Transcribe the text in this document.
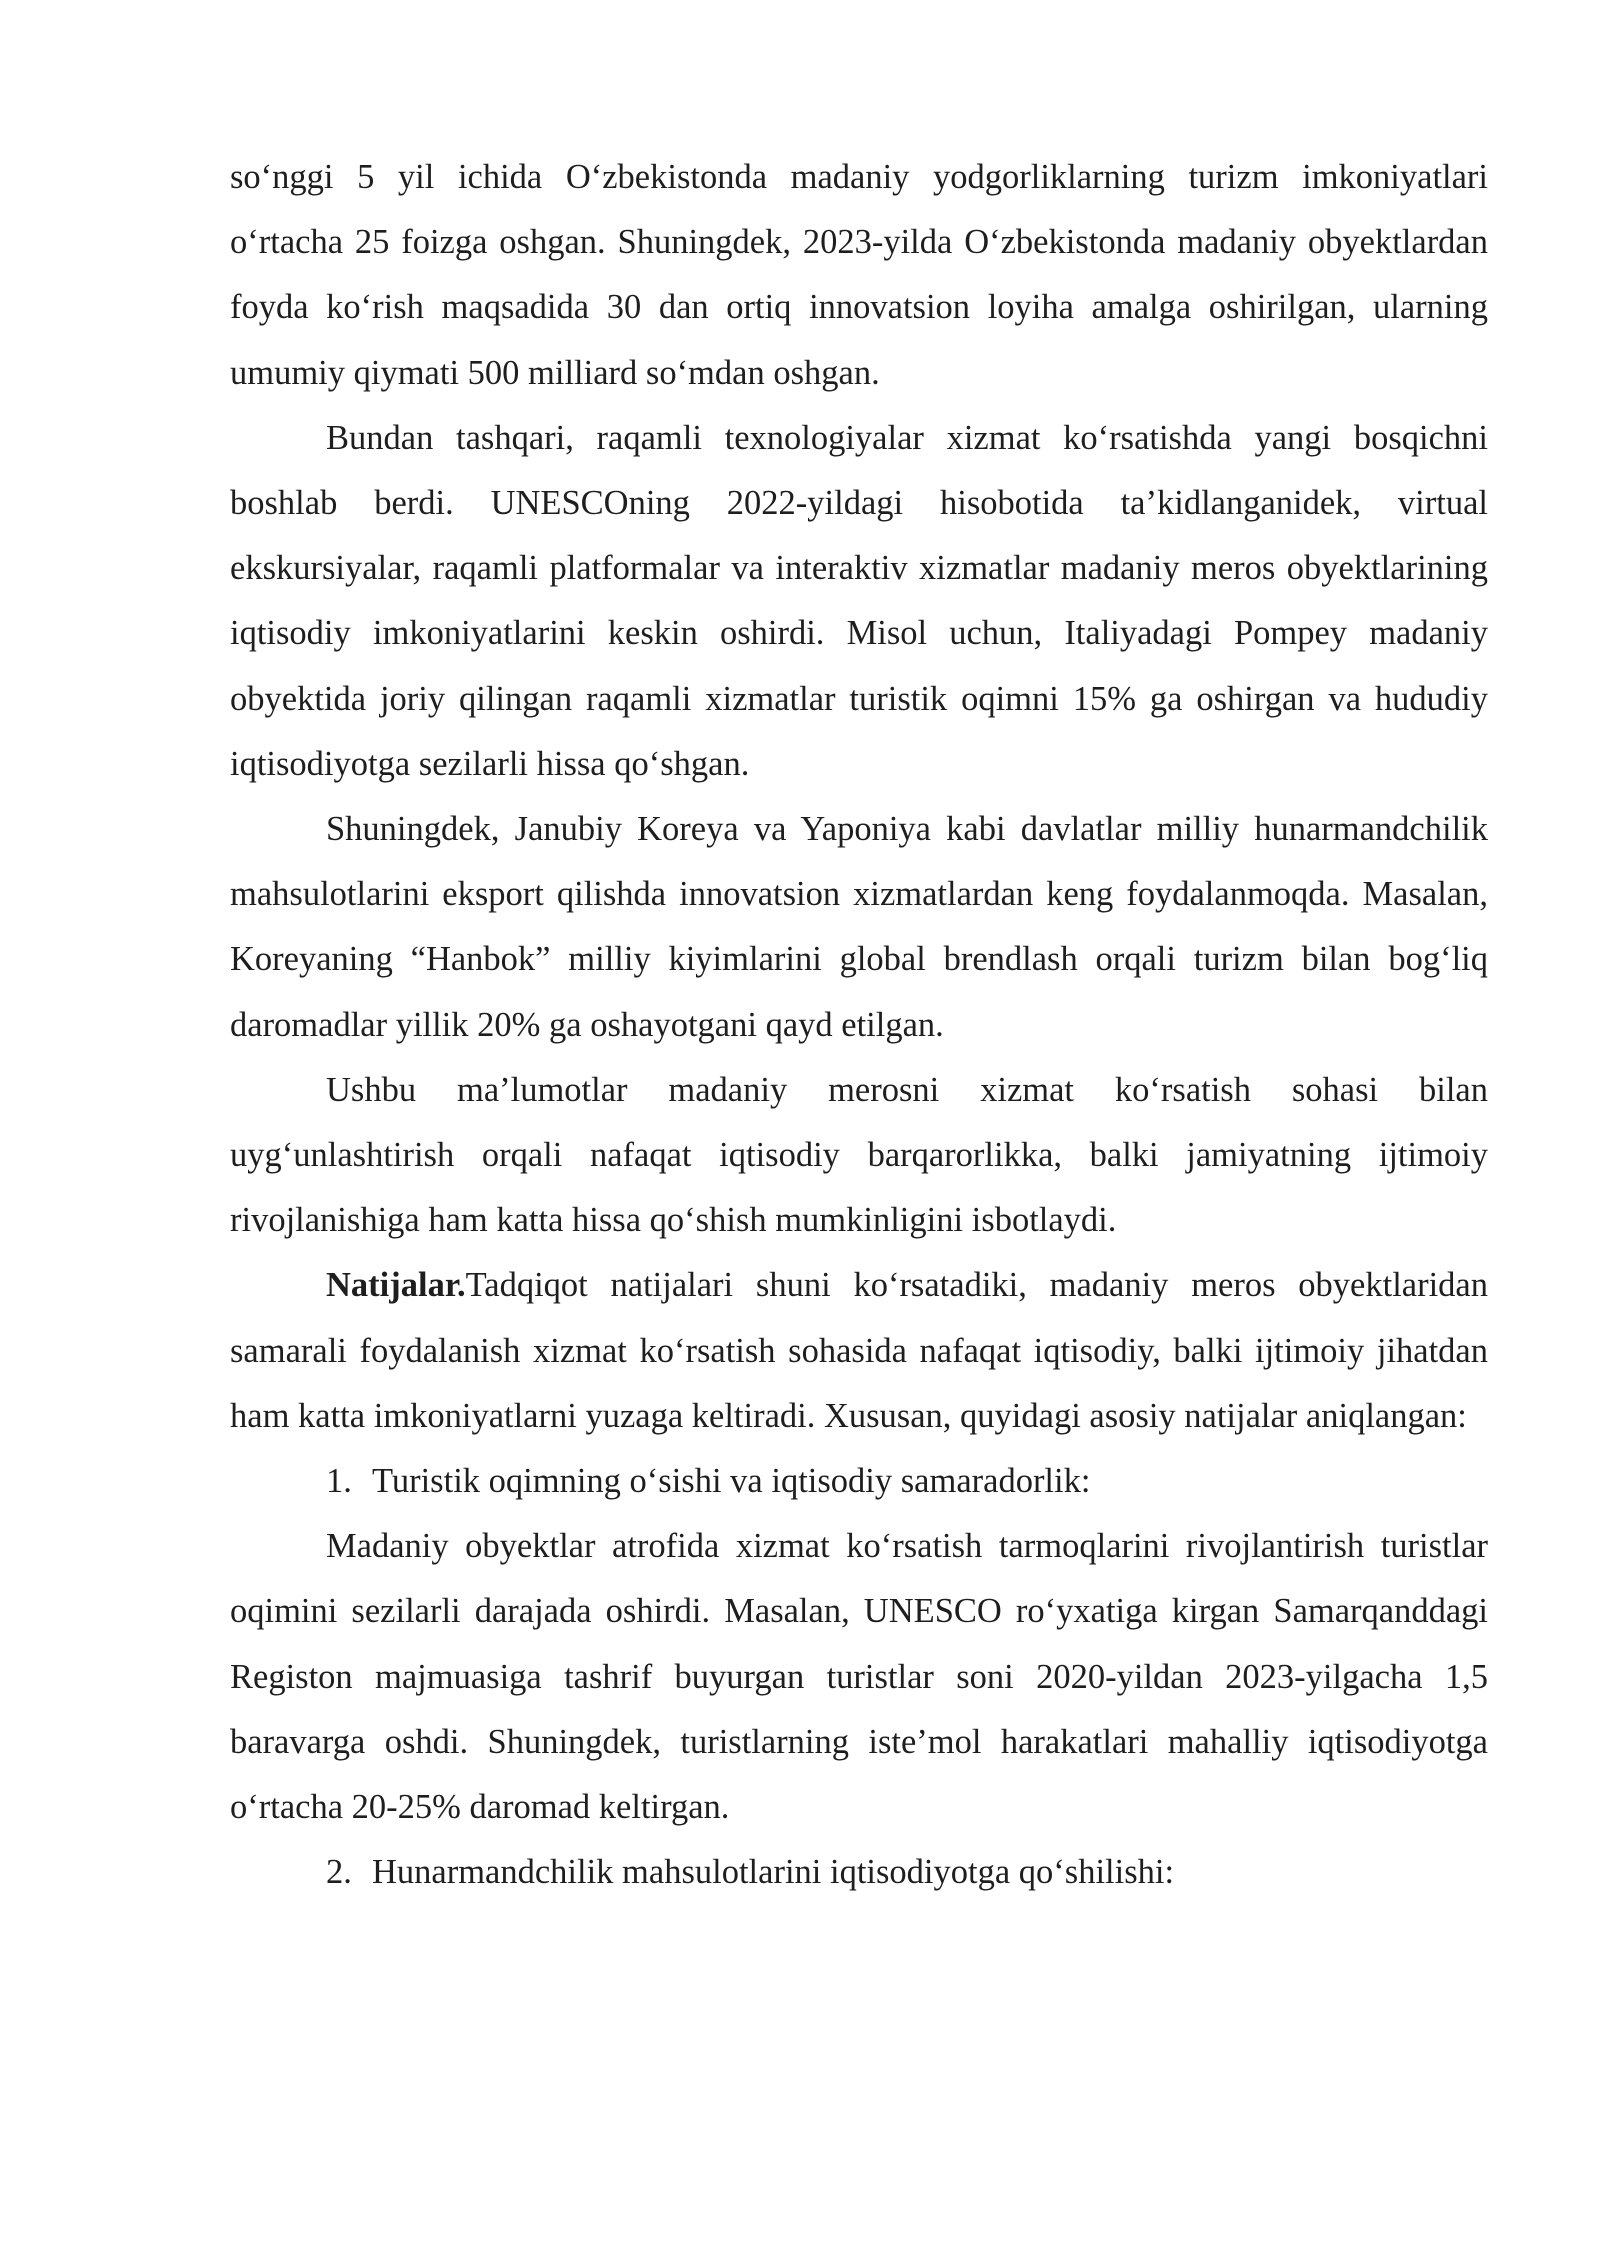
so‘nggi 5 yil ichida O‘zbekistonda madaniy yodgorliklarning turizm imkoniyatlari o‘rtacha 25 foizga oshgan. Shuningdek, 2023-yilda O‘zbekistonda madaniy obyektlardan foyda ko‘rish maqsadida 30 dan ortiq innovatsion loyiha amalga oshirilgan, ularning umumiy qiymati 500 milliard so‘mdan oshgan.

Bundan tashqari, raqamli texnologiyalar xizmat ko‘rsatishda yangi bosqichni boshlab berdi. UNESCOning 2022-yildagi hisobotida ta’kidlanganidek, virtual ekskursiyalar, raqamli platformalar va interaktiv xizmatlar madaniy meros obyektlarining iqtisodiy imkoniyatlarini keskin oshirdi. Misol uchun, Italiyadagi Pompey madaniy obyektida joriy qilingan raqamli xizmatlar turistik oqimni 15% ga oshirgan va hududiy iqtisodiyotga sezilarli hissa qo‘shgan.

Shuningdek, Janubiy Koreya va Yaponiya kabi davlatlar milliy hunarmandchilik mahsulotlarini eksport qilishda innovatsion xizmatlardan keng foydalanmoqda. Masalan, Koreyaning “Hanbok” milliy kiyimlarini global brendlash orqali turizm bilan bog‘liq daromadlar yillik 20% ga oshayotgani qayd etilgan.

Ushbu ma’lumotlar madaniy merosni xizmat ko‘rsatish sohasi bilan uyg‘unlashtirish orqali nafaqat iqtisodiy barqarorlikka, balki jamiyatning ijtimoiy rivojlanishiga ham katta hissa qo‘shish mumkinligini isbotlaydi.

Natijalar.Tadqiqot natijalari shuni ko‘rsatadiki, madaniy meros obyektlaridan samarali foydalanish xizmat ko‘rsatish sohasida nafaqat iqtisodiy, balki ijtimoiy jihatdan ham katta imkoniyatlarni yuzaga keltiradi. Xususan, quyidagi asosiy natijalar aniqlangan:

1. Turistik oqimning o‘sishi va iqtisodiy samaradorlik:

Madaniy obyektlar atrofida xizmat ko‘rsatish tarmoqlarini rivojlantirish turistlar oqimini sezilarli darajada oshirdi. Masalan, UNESCO ro‘yxatiga kirgan Samarqanddagi Registon majmuasiga tashrif buyurgan turistlar soni 2020-yildan 2023-yilgacha 1,5 baravarga oshdi. Shuningdek, turistlarning iste’mol harakatlari mahalliy iqtisodiyotga o‘rtacha 20-25% daromad keltirgan.

2. Hunarmandchilik mahsulotlarini iqtisodiyotga qo‘shilishi:
